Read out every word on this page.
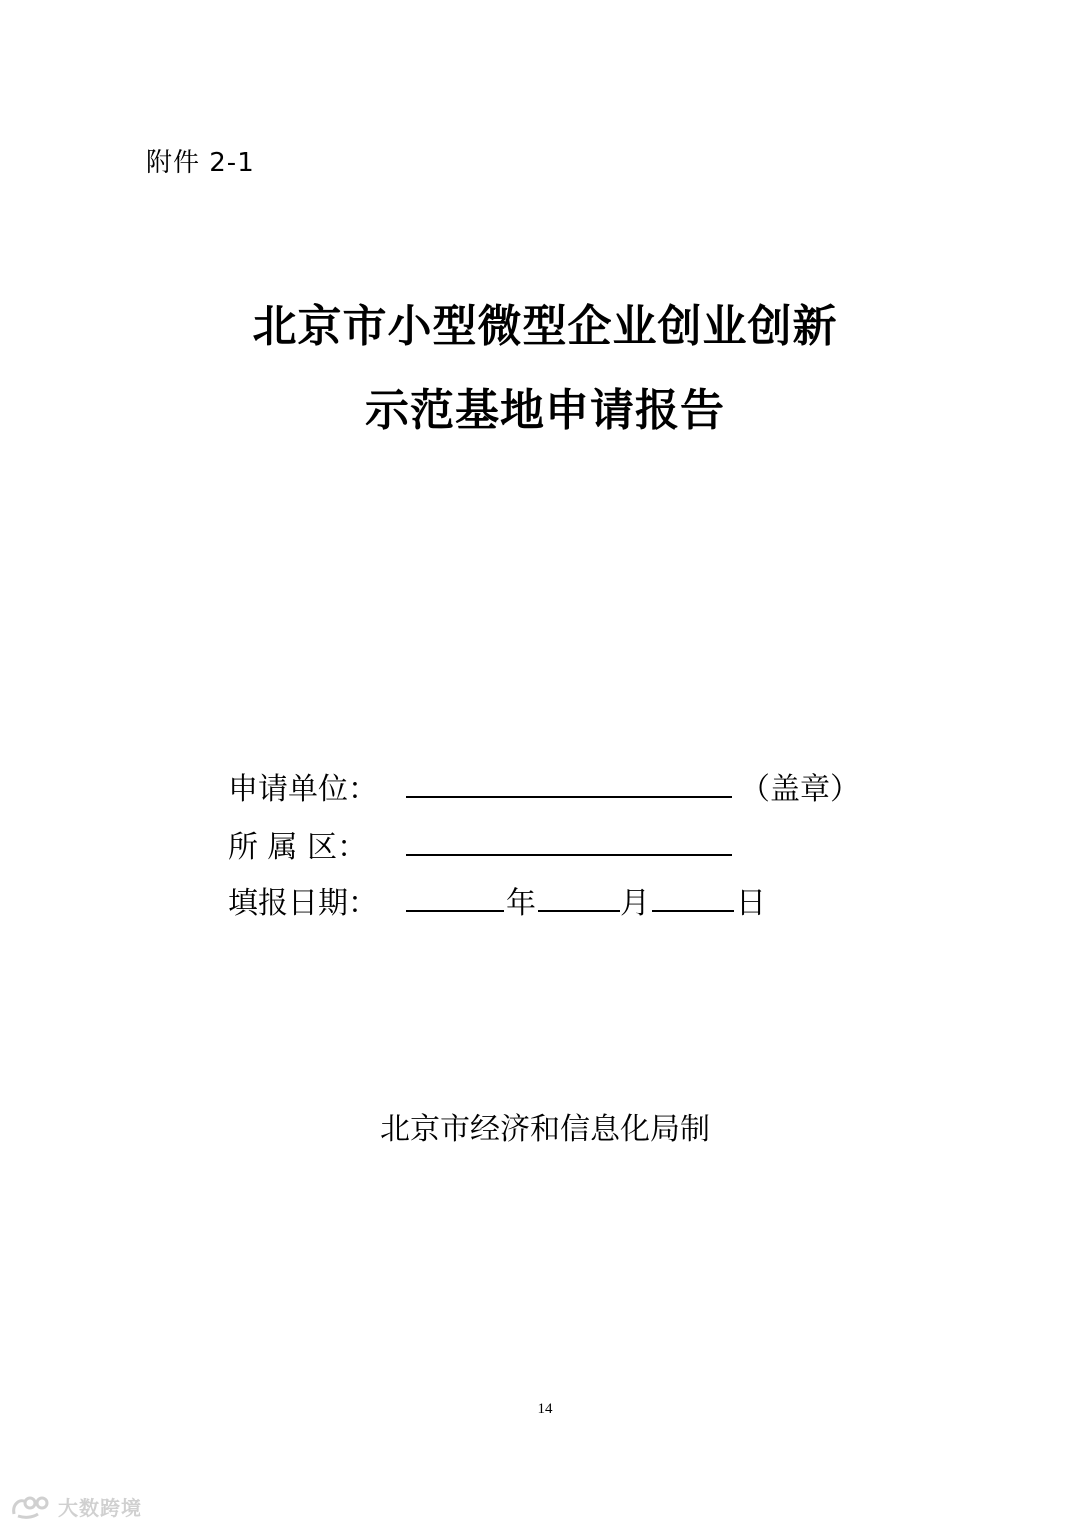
附件 2-1
北京市小型微型企业创业创新
示范基地申请报告
申请单位：	（盖章）
所 属 区：
填报日期：	年	月	日
北京市经济和信息化局制
14
大数跨境
